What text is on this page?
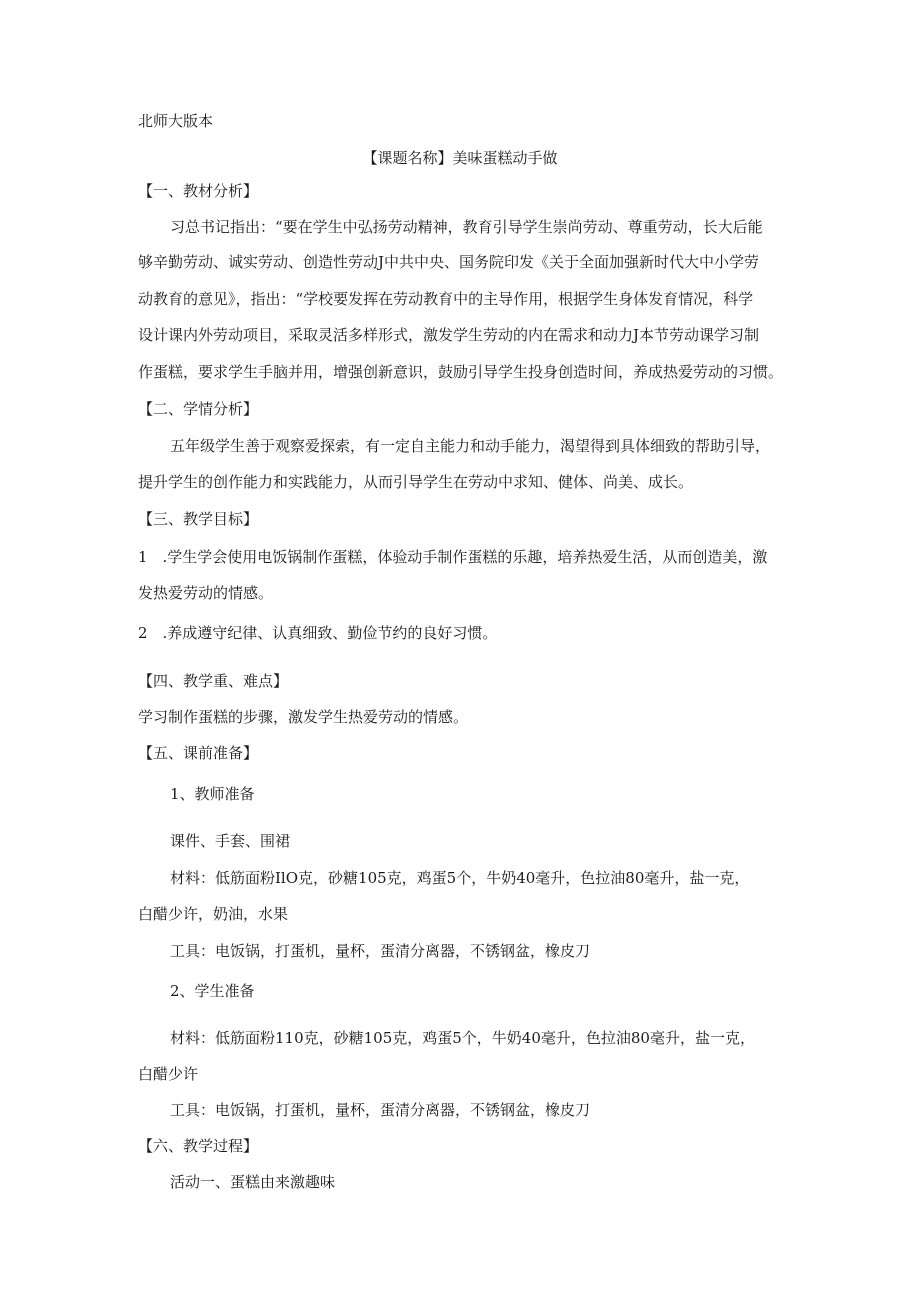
北师大版本
【课题名称】美味蛋糕动手做
【一、教材分析】
习总书记指出：“要在学生中弘扬劳动精神，教育引导学生崇尚劳动、尊重劳动，长大后能
够辛勤劳动、诚实劳动、创造性劳动J中共中央、国务院印发《关于全面加强新时代大中小学劳
动教育的意见》，指出：“学校要发挥在劳动教育中的主导作用，根据学生身体发育情况，科学
设计课内外劳动项目，采取灵活多样形式，激发学生劳动的内在需求和动力J本节劳动课学习制
作蛋糕，要求学生手脑并用，增强创新意识，鼓励引导学生投身创造时间，养成热爱劳动的习惯。
【二、学情分析】
五年级学生善于观察爱探索，有一定自主能力和动手能力，渴望得到具体细致的帮助引导，
提升学生的创作能力和实践能力，从而引导学生在劳动中求知、健体、尚美、成长。
【三、教学目标】
1　.学生学会使用电饭锅制作蛋糕，体验动手制作蛋糕的乐趣，培养热爱生活，从而创造美，激
发热爱劳动的情感。
2　.养成遵守纪律、认真细致、勤俭节约的良好习惯。
【四、教学重、难点】
学习制作蛋糕的步骤，激发学生热爱劳动的情感。
【五、课前准备】
1、教师准备
课件、手套、围裙
材料：低筋面粉IlO克，砂糖105克，鸡蛋5个，牛奶40毫升，色拉油80毫升，盐一克，
白醋少许，奶油，水果
工具：电饭锅，打蛋机，量杯，蛋清分离器，不锈钢盆，橡皮刀
2、学生准备
材料：低筋面粉110克，砂糖105克，鸡蛋5个，牛奶40毫升，色拉油80毫升，盐一克，
白醋少许
工具：电饭锅，打蛋机，量杯，蛋清分离器，不锈钢盆，橡皮刀
【六、教学过程】
活动一、蛋糕由来激趣味
